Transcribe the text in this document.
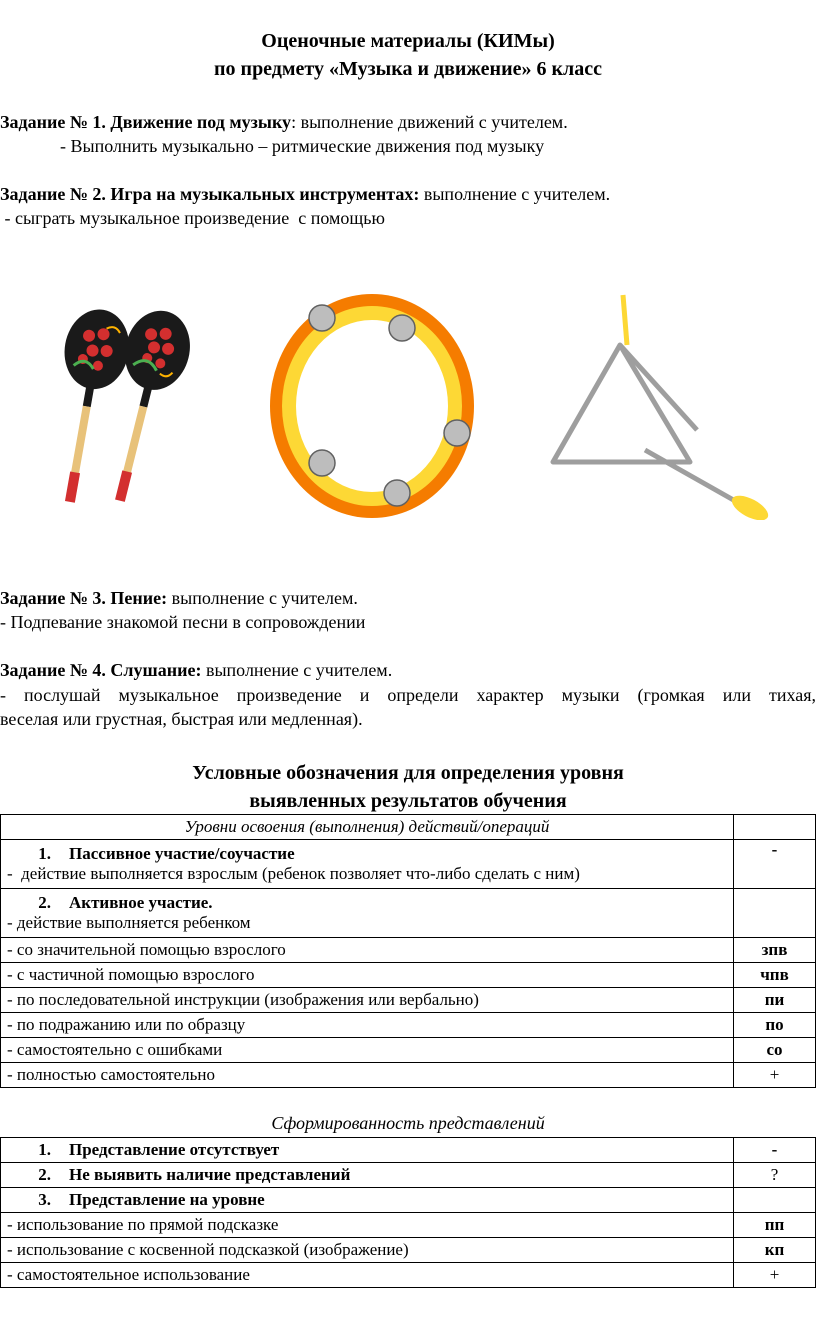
Оценочные материалы (КИМы)
по предмету «Музыка и движение» 6 класс
Задание № 1. Движение под музыку: выполнение движений с учителем.
- Выполнить музыкально – ритмические движения под музыку
Задание № 2. Игра на музыкальных инструментах: выполнение с учителем.
- сыграть музыкальное произведение  с помощью
Задание № 3. Пение: выполнение с учителем.
- Подпевание знакомой песни в сопровождении
Задание № 4. Слушание: выполнение с учителем.
- послушай музыкальное произведение и определи характер музыки (громкая или тихая,
веселая или грустная, быстрая или медленная).
Условные обозначения для определения уровня
выявленных результатов обучения
Уровни освоения (выполнения) действий/операций	

1. Пассивное участие/соучастие
-  действие выполняется взрослым (ребенок позволяет что-либо сделать с ним)	-

2. Активное участие.
- действие выполняется ребенком	

- со значительной помощью взрослого	зпв
- с частичной помощью взрослого	чпв
- по последовательной инструкции (изображения или вербально)	пи
- по подражанию или по образцу	по
- самостоятельно с ошибками	со
- полностью самостоятельно	+
Сформированность представлений
1. Представление отсутствует	-
2. Не выявить наличие представлений	?
3. Представление на уровне	
- использование по прямой подсказке	пп
- использование с косвенной подсказкой (изображение)	кп
- самостоятельное использование	+
